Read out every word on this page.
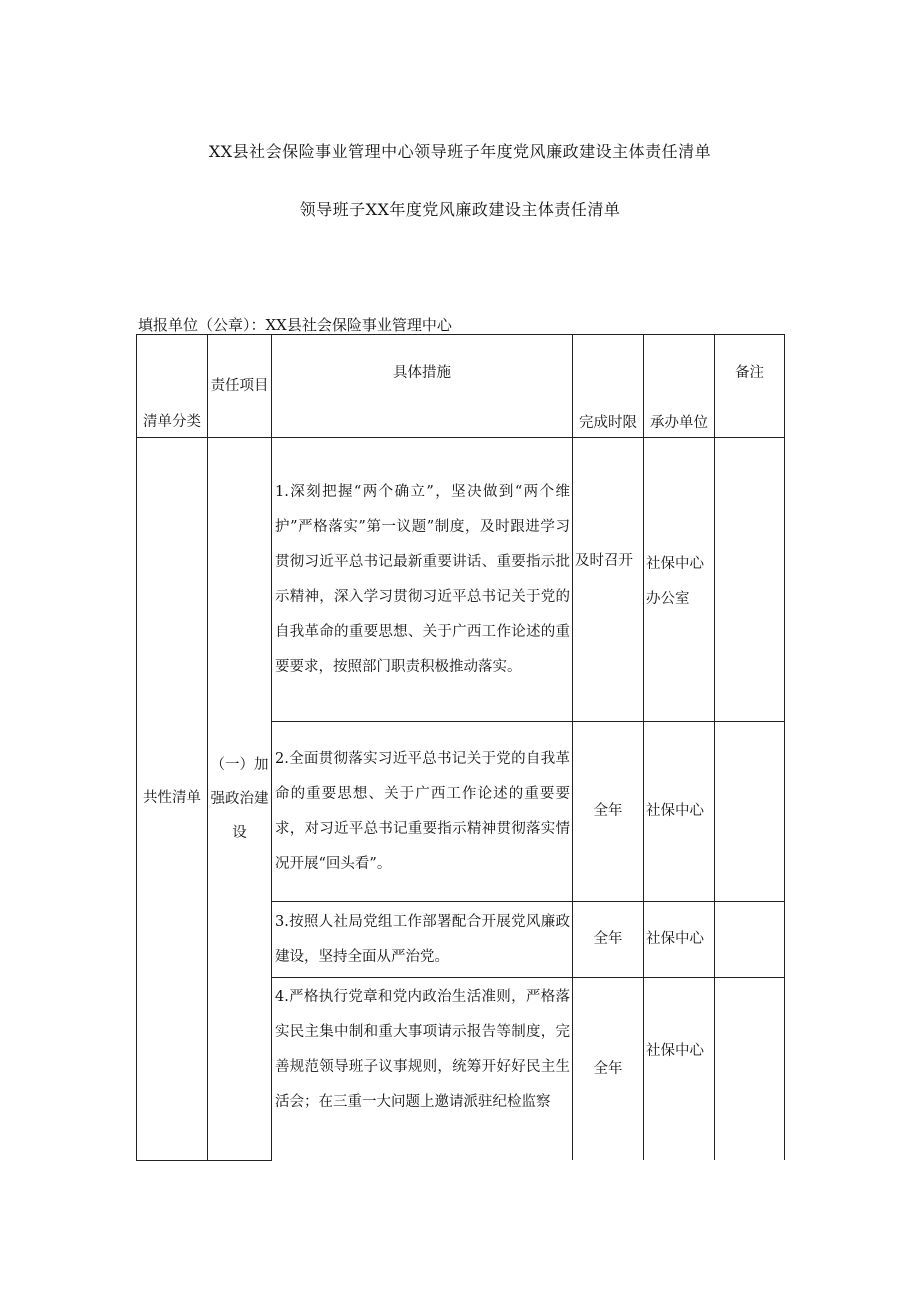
XX县社会保险事业管理中心领导班子年度党风廉政建设主体责任清单
领导班子XX年度党风廉政建设主体责任清单
填报单位（公章）：XX县社会保险事业管理中心
清单分类	责任项目	具体措施	完成时限	承办单位	备注
共性清单	（一）加强政治建设	1.深刻把握“两个确立”，坚决做到“两个维护”严格落实”第一议题”制度，及时跟进学习贯彻习近平总书记最新重要讲话、重要指示批示精神，深入学习贯彻习近平总书记关于党的自我革命的重要思想、关于广西工作论述的重要要求，按照部门职责积极推动落实。	及时召开	社保中心办公室	
		2.全面贯彻落实习近平总书记关于党的自我革命的重要思想、关于广西工作论述的重要要求，对习近平总书记重要指示精神贯彻落实情况开展“回头看”。	全年	社保中心	
		3.按照人社局党组工作部署配合开展党风廉政建设，坚持全面从严治党。	全年	社保中心	

		4.严格执行党章和党内政治生活准则，严格落实民主集中制和重大事项请示报告等制度，完善规范领导班子议事规则，统筹开好好民主生活会；在三重一大问题上邀请派驻纪检监察	全年	社保中心	
